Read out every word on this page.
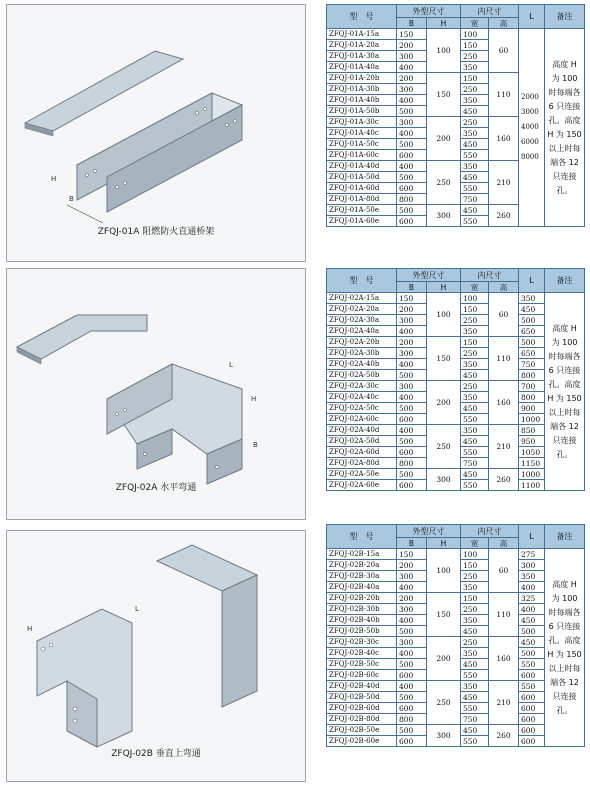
B
H
ZFQJ-01A 阻燃防火直通桥架
L
B
H
ZFQJ-02A 水平弯通
H
L
ZFQJ-02B 垂直上弯通
型　号	外型尺寸		内尺寸		L	备注
	B	H	宽	高		
ZFQJ-01A-15a	150	100	100	60	2000 3000 4000 6000 8000	高度 H 为 100 时每端各 6 只连接孔。高度 H 为 150 以上时每端各 12 只连接孔。
ZFQJ-01A-20a	200		150			
ZFQJ-01A-30a	300		250			
ZFQJ-01A-40a	400		350			
ZFQJ-01A-20b	200	150	150	110		
ZFQJ-01A-30b	300		250			
ZFQJ-01A-40b	400		350			
ZFQJ-01A-50b	500		450			
ZFQJ-01A-30c	300	200	250	160		
ZFQJ-01A-40c	400		350			
ZFQJ-01A-50c	500		450			
ZFQJ-01A-60c	600		550			
ZFQJ-01A-40d	400	250	350	210		
ZFQJ-01A-50d	500		450			
ZFQJ-01A-60d	600		550			
ZFQJ-01A-80d	800		750			
ZFQJ-01A-50e	500	300	450	260		
ZFQJ-01A-60e	600		550			
型　号	外型尺寸		内尺寸		L	备注
	B	H	宽	高		
ZFQJ-02A-15a	150	100	100	60	350	高度 H 为 100 时每端各 6 只连接孔。高度 H 为 150 以上时每端各 12 只连接孔。
ZFQJ-02A-20a	200		150		450	
ZFQJ-02A-30a	300		250		500	
ZFQJ-02A-40a	400		350		650	
ZFQJ-02A-20b	200	150	150	110	500	
ZFQJ-02A-30b	300		250		650	
ZFQJ-02A-40b	400		350		750	
ZFQJ-02A-50b	500		450		800	
ZFQJ-02A-30c	300	200	250	160	700	
ZFQJ-02A-40c	400		350		800	
ZFQJ-02A-50c	500		450		900	
ZFQJ-02A-60c	600		550		1000	
ZFQJ-02A-40d	400	250	350	210	850	
ZFQJ-02A-50d	500		450		950	
ZFQJ-02A-60d	600		550		1050	
ZFQJ-02A-80d	800		750		1150	
ZFQJ-02A-50e	500	300	450	260	1000	
ZFQJ-02A-60e	600		550		1100	
型　号	外型尺寸		内尺寸		L	备注
	B	H	宽	高		
ZFQJ-02B-15a	150	100	100	60	275	高度 H 为 100 时每端各 6 只连接孔。高度 H 为 150 以上时每端各 12 只连接孔。
ZFQJ-02B-20a	200		150		300	
ZFQJ-02B-30a	300		250		350	
ZFQJ-02B-40a	400		350		400	
ZFQJ-02B-20b	200	150	150	110	325	
ZFQJ-02B-30b	300		250		400	
ZFQJ-02B-40b	400		350		450	
ZFQJ-02B-50b	500		450		500	
ZFQJ-02B-30c	300	200	250	160	450	
ZFQJ-02B-40c	400		350		500	
ZFQJ-02B-50c	500		450		550	
ZFQJ-02B-60c	600		550		600	
ZFQJ-02B-40d	400	250	350	210	550	
ZFQJ-02B-50d	500		450		600	
ZFQJ-02B-60d	600		550		600	
ZFQJ-02B-80d	800		750		600	
ZFQJ-02B-50e	500	300	450	260	600	
ZFQJ-02B-60e	600		550		600	
